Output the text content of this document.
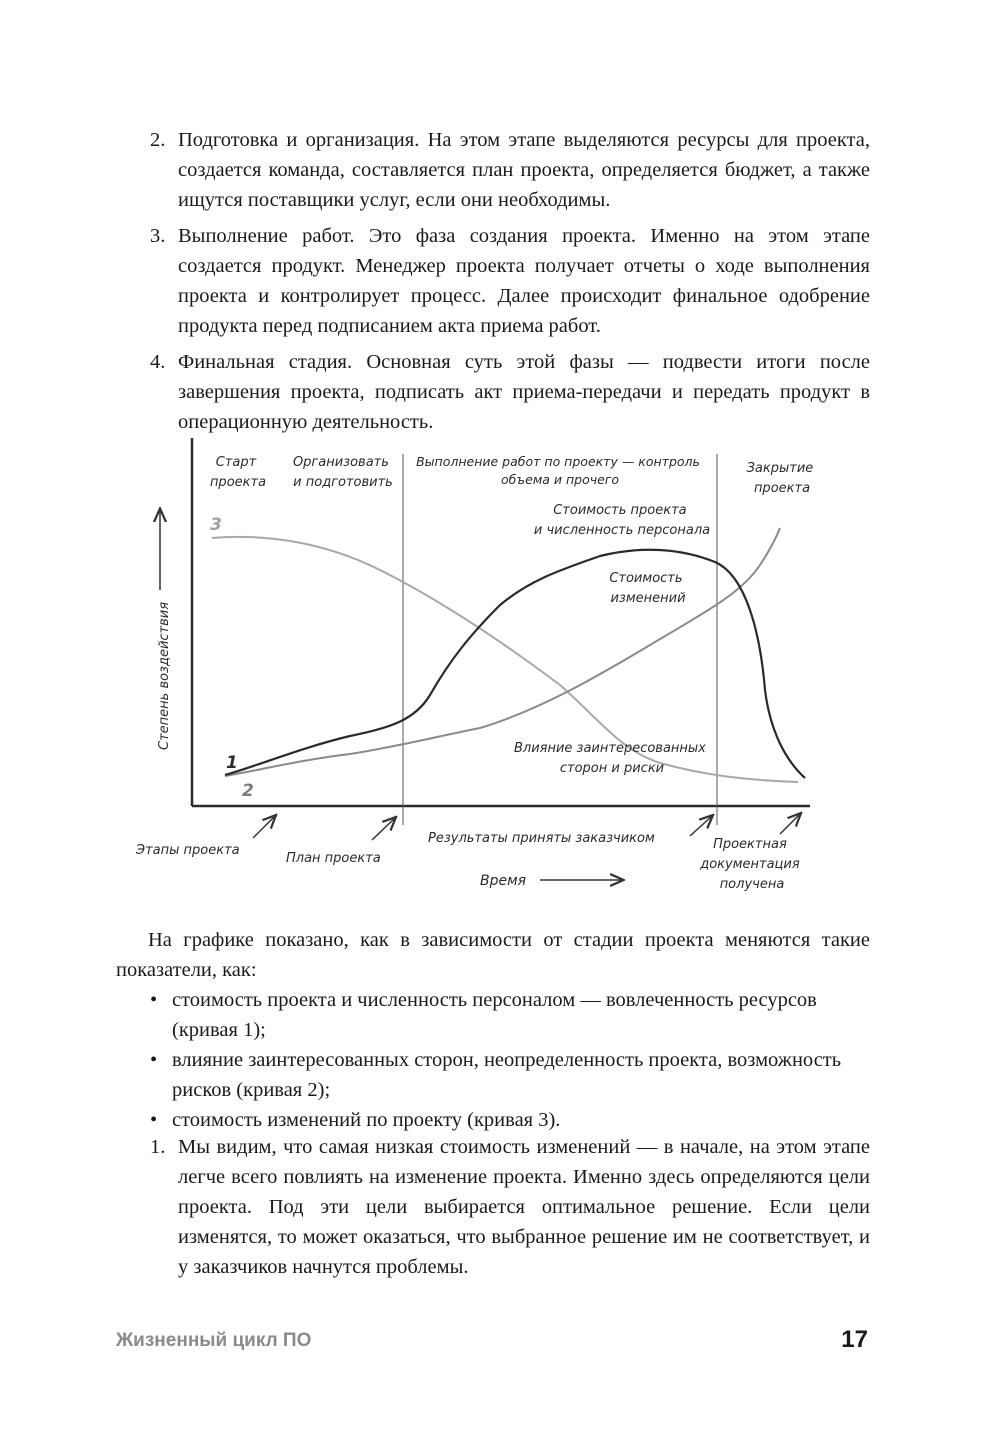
2. Подготовка и организация. На этом этапе выделяются ресурсы для проекта, создается команда, составляется план проекта, определяется бюджет, а также ищутся поставщики услуг, если они необходимы.
3. Выполнение работ. Это фаза создания проекта. Именно на этом этапе создается продукт. Менеджер проекта получает отчеты о ходе выполнения проекта и контролирует процесс. Далее происходит финальное одобрение продукта перед подписанием акта приема работ.
4. Финальная стадия. Основная суть этой фазы — подвести итоги после завершения проекта, подписать акт приема-передачи и передать продукт в операционную деятельность.
Степень воздействия
1
2
3
Старт проекта
Организовать и подготовить
Выполнение работ по проекту — контроль объема и прочего
Закрытие проекта
Стоимость проекта и численность персонала
Стоимость изменений
Влияние заинтересованных сторон и риски
Этапы проекта
План проекта
Результаты приняты заказчиком	Проектная документация получена
Время
На графике показано, как в зависимости от стадии проекта меняются такие показатели, как:
• стоимость проекта и численность персоналом — вовлеченность ресурсов (кривая 1);
• влияние заинтересованных сторон, неопределенность проекта, возможность рисков (кривая 2);
• стоимость изменений по проекту (кривая 3).
1. Мы видим, что самая низкая стоимость изменений — в начале, на этом этапе легче всего повлиять на изменение проекта. Именно здесь определяются цели проекта. Под эти цели выбирается оптимальное решение. Если цели изменятся, то может оказаться, что выбранное решение им не соответствует, и у заказчиков начнутся проблемы.
Жизненный цикл ПО	17
